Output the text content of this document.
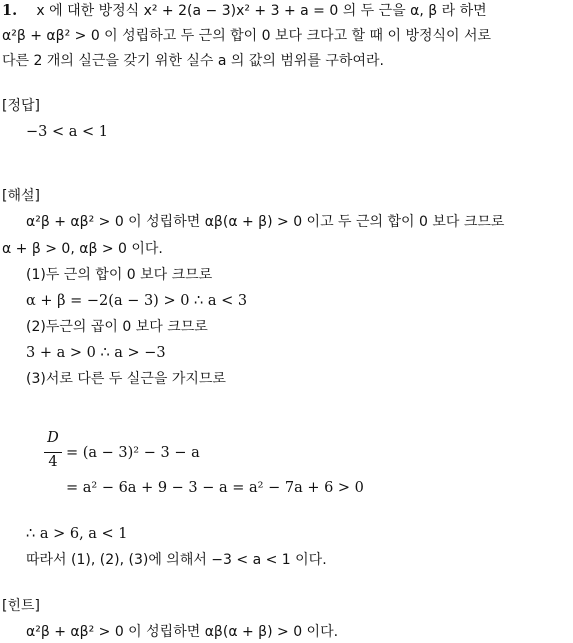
1. x 에 대한 방정식 x² + 2(a − 3)x² + 3 + a = 0 의 두 근을 α, β 라 하면
α²β + αβ² > 0 이 성립하고 두 근의 합이 0 보다 크다고 할 때 이 방정식이 서로
다른 2 개의 실근을 갖기 위한 실수 a 의 값의 범위를 구하여라.
[정답]
−3 < a < 1
[해설]
α²β + αβ² > 0 이 성립하면 αβ(α + β) > 0 이고 두 근의 합이 0 보다 크므로
α + β > 0, αβ > 0 이다.
(1)두 근의 합이 0 보다 크므로
α + β = −2(a − 3) > 0 ∴ a < 3
(2)두근의 곱이 0 보다 크므로
3 + a > 0 ∴ a > −3
(3)서로 다른 두 실근을 가지므로
D
4
= (a − 3)² − 3 − a
= a² − 6a + 9 − 3 − a = a² − 7a + 6 > 0
∴ a > 6, a < 1
따라서 (1), (2), (3)에 의해서 −3 < a < 1 이다.
[힌트]
α²β + αβ² > 0 이 성립하면 αβ(α + β) > 0 이다.
